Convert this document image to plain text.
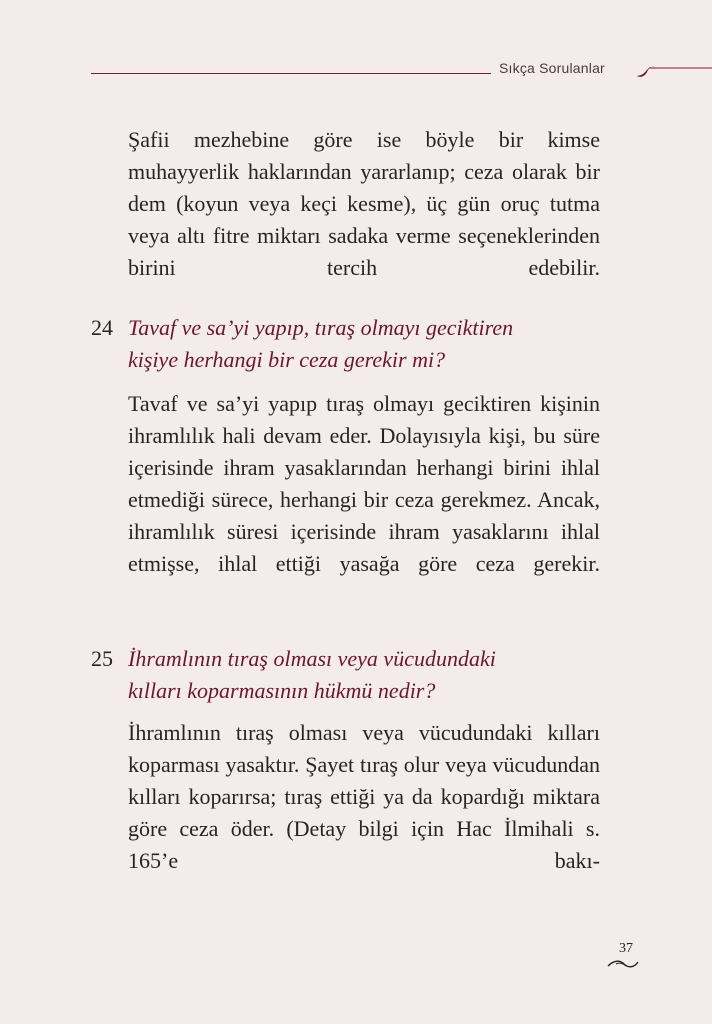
Sıkça Sorulanlar

Şafii mezhebine göre ise böyle bir kimse muhayyerlik haklarından yararlanıp; ceza olarak bir dem (koyun veya keçi kesme), üç gün oruç tutma veya altı fitre miktarı sadaka verme seçeneklerinden birini tercih edebilir.

24 Tavaf ve sa’yi yapıp, tıraş olmayı geciktiren
kişiye herhangi bir ceza gerekir mi?

Tavaf ve sa’yi yapıp tıraş olmayı geciktiren kişinin ihramlılık hali devam eder. Dolayısıyla kişi, bu süre içerisinde ihram yasaklarından herhangi birini ihlal etmediği sürece, herhangi bir ceza gerekmez. Ancak, ihramlılık süresi içerisinde ihram yasaklarını ihlal etmişse, ihlal ettiği yasağa göre ceza gerekir.

25 İhramlının tıraş olması veya vücudundaki
kılları koparmasının hükmü nedir?

İhramlının tıraş olması veya vücudundaki kılları koparması yasaktır. Şayet tıraş olur veya vücudundan kılları koparırsa; tıraş ettiği ya da kopardığı miktara göre ceza öder. (Detay bilgi için Hac İlmihali s. 165’e bakı-

37
